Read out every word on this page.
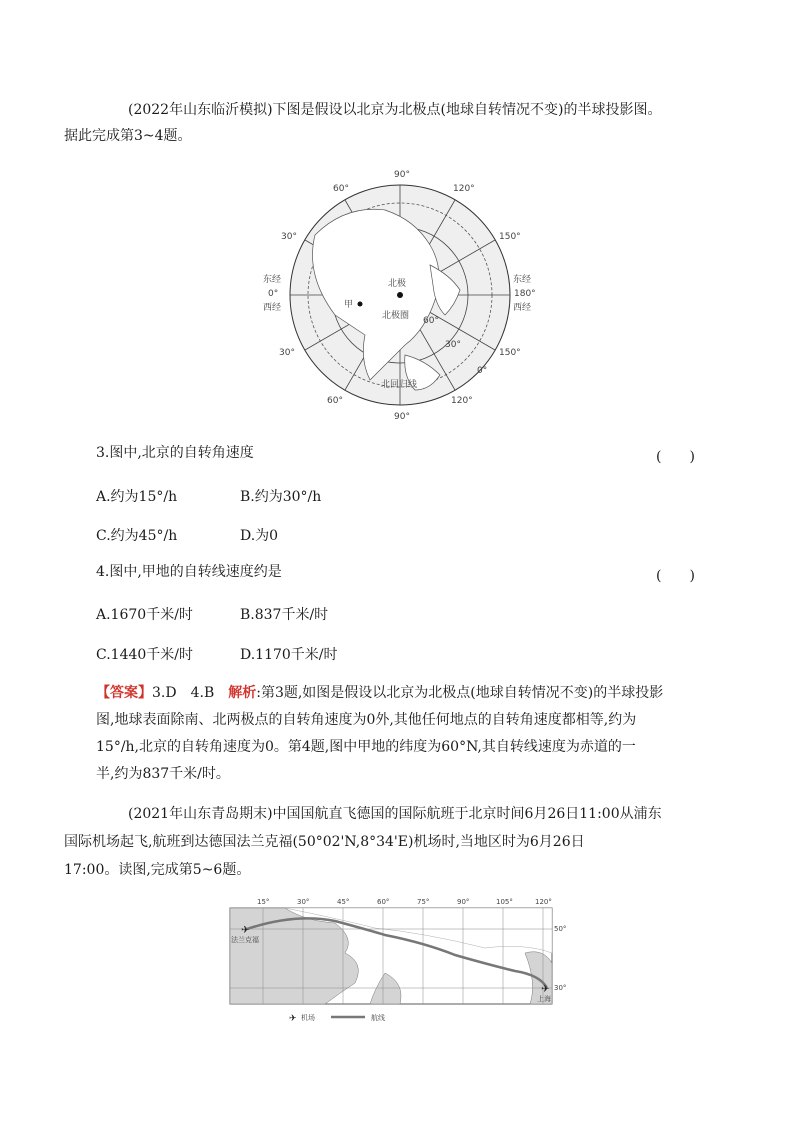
(2022年山东临沂模拟)下图是假设以北京为北极点(地球自转情况不变)的半球投影图。
据此完成第3~4题。
90°
60°	120°
30°	150°
东经
0°
西经
东经
180°
西经
30°	150°
60°	120°
90°
北极
甲
北极圈 60°
30°
0°
北回归线
3.图中,北京的自转角速度	(　　)
A.约为15°/h	B.约为30°/h
C.约为45°/h	D.为0
4.图中,甲地的自转线速度约是	(　　)
A.1670千米/时	B.837千米/时
C.1440千米/时	D.1170千米/时
【答案】3.D　4.B　解析:第3题,如图是假设以北京为北极点(地球自转情况不变)的半球投影
图,地球表面除南、北两极点的自转角速度为0外,其他任何地点的自转角速度都相等,约为
15°/h,北京的自转角速度为0。第4题,图中甲地的纬度为60°N,其自转线速度为赤道的一
半,约为837千米/时。
(2021年山东青岛期末)中国国航直飞德国的国际航班于北京时间6月26日11:00从浦东
国际机场起飞,航班到达德国法兰克福(50°02'N,8°34'E)机场时,当地区时为6月26日
17:00。读图,完成第5~6题。
15°	30°	45°	60°	75°	90°	105°	120°
✈
✈
法兰克福
上海
50°
30°
✈ 机场	航线
